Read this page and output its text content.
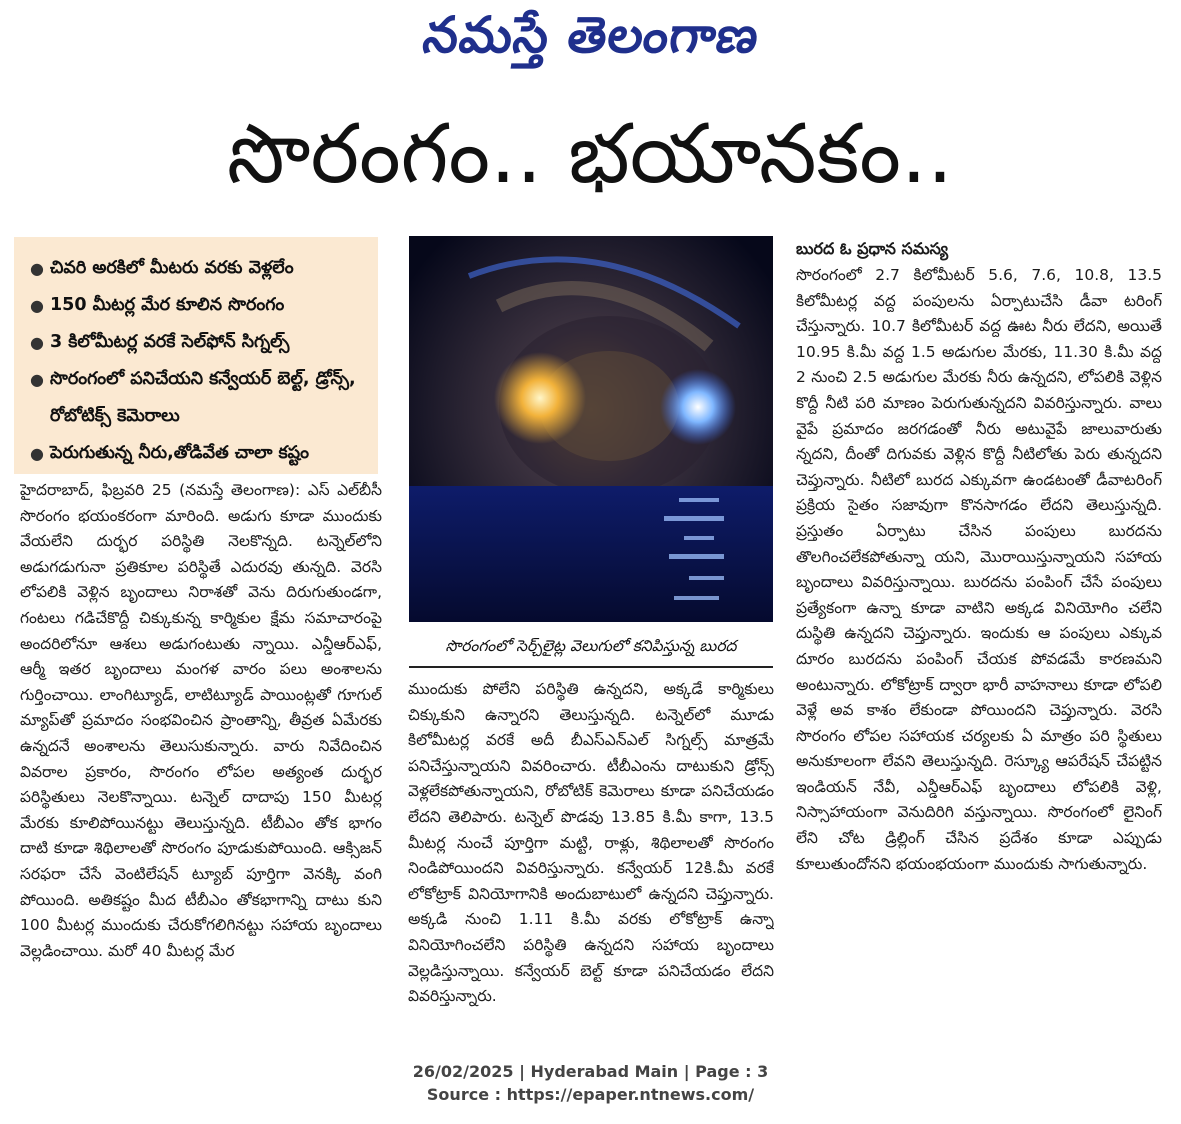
నమస్తే తెలంగాణ
సొరంగం.. భయానకం..
● చివరి అరకిలో మీటరు వరకు వెళ్లలేం
● 150 మీటర్ల మేర కూలిన సొరంగం
● 3 కిలోమీటర్ల వరకే సెల్‌ఫోన్ సిగ్నల్స్
● సొరంగంలో పనిచేయని కన్వేయర్ బెల్ట్, డ్రోన్స్, రోబోటిక్స్ కెమెరాలు
● పెరుగుతున్న నీరు,తోడివేత చాలా కష్టం

హైదరాబాద్, ఫిబ్రవరి 25 (నమస్తే తెలంగాణ): ఎస్ ఎల్‌బీసీ సొరంగం భయంకరంగా మారింది. అడుగు కూడా ముందుకు వేయలేని దుర్భర పరిస్థితి నెలకొన్నది. టన్నెల్‌లోని అడుగడుగునా ప్రతికూల పరిస్థితే ఎదురవు తున్నది. వెరసి లోపలికి వెళ్లిన బృందాలు నిరాశతో వెను దిరుగుతుండగా, గంటలు గడిచేకొద్దీ చిక్కుకున్న కార్మికుల క్షేమ సమాచారంపై అందరిలోనూ ఆశలు అడుగంటుతు న్నాయి. ఎన్డీఆర్ఎఫ్, ఆర్మీ ఇతర బృందాలు మంగళ వారం పలు అంశాలను గుర్తించాయి. లాంగిట్యూడ్, లాటిట్యూడ్ పాయింట్లతో గూగుల్ మ్యాప్‌తో ప్రమాదం సంభవించిన ప్రాంతాన్ని, తీవ్రత ఏమేరకు ఉన్నదనే అంశాలను తెలుసుకున్నారు. వారు నివేదించిన వివరాల ప్రకారం, సొరంగం లోపల అత్యంత దుర్భర పరిస్థితులు నెలకొన్నాయి. టన్నెల్ దాదాపు 150 మీటర్ల మేరకు కూలిపోయినట్టు తెలుస్తున్నది. టీబీఎం తోక భాగం దాటి కూడా శిథిలాలతో సొరంగం పూడుకుపోయింది. ఆక్సిజన్ సరఫరా చేసే వెంటిలేషన్ ట్యూబ్ పూర్తిగా వెనక్కి వంగి పోయింది. అతికష్టం మీద టీబీఎం తోకభాగాన్ని దాటు కుని 100 మీటర్ల ముందుకు చేరుకోగలిగినట్టు సహాయ బృందాలు వెల్లడించాయి. మరో 40 మీటర్ల మేర

సొరంగంలో సెర్చ్‌లైట్ల వెలుగులో కనిపిస్తున్న బురద

ముందుకు పోలేని పరిస్థితి ఉన్నదని, అక్కడే కార్మికులు చిక్కుకుని ఉన్నారని తెలుస్తున్నది. టన్నెల్‌లో మూడు కిలోమీటర్ల వరకే అదీ బీఎస్ఎన్ఎల్ సిగ్నల్స్ మాత్రమే పనిచేస్తున్నాయని వివరించారు. టీబీఎంను దాటుకుని డ్రోన్స్ వెళ్లలేకపోతున్నాయని, రోబోటిక్ కెమెరాలు కూడా పనిచేయడం లేదని తెలిపారు. టన్నెల్ పొడవు 13.85 కి.మీ కాగా, 13.5 మీటర్ల నుంచే పూర్తిగా మట్టి, రాళ్లు, శిథిలాలతో సొరంగం నిండిపోయిందని వివరిస్తున్నారు. కన్వేయర్ 12కి.మీ వరకే లోకోట్రాక్ వినియోగానికి అందుబాటులో ఉన్నదని చెప్తున్నారు. అక్కడి నుంచి 1.11 కి.మీ వరకు లోకోట్రాక్ ఉన్నా వినియోగించలేని పరిస్థితి ఉన్నదని సహాయ బృందాలు వెల్లడిస్తున్నాయి. కన్వేయర్ బెల్ట్ కూడా పనిచేయడం లేదని వివరిస్తున్నారు.

బురద ఓ ప్రధాన సమస్య

సొరంగంలో 2.7 కిలోమీటర్ 5.6, 7.6, 10.8, 13.5 కిలోమీటర్ల వద్ద పంపులను ఏర్పాటుచేసి డీవా టరింగ్ చేస్తున్నారు. 10.7 కిలోమీటర్ వద్ద ఊట నీరు లేదని, అయితే 10.95 కి.మీ వద్ద 1.5 అడుగుల మేరకు, 11.30 కి.మీ వద్ద 2 నుంచి 2.5 అడుగుల మేరకు నీరు ఉన్నదని, లోపలికి వెళ్లిన కొద్దీ నీటి పరి మాణం పెరుగుతున్నదని వివరిస్తున్నారు. వాలు వైపే ప్రమాదం జరగడంతో నీరు అటువైపే జాలువారుతు న్నదని, దీంతో దిగువకు వెళ్లిన కొద్దీ నీటిలోతు పెరు తున్నదని చెప్తున్నారు. నీటిలో బురద ఎక్కువగా ఉండటంతో డీవాటరింగ్ ప్రక్రియ సైతం సజావుగా కొనసాగడం లేదని తెలుస్తున్నది. ప్రస్తుతం ఏర్పాటు చేసిన పంపులు బురదను తొలగించలేకపోతున్నా యని, మొరాయిస్తున్నాయని సహాయ బృందాలు వివరిస్తున్నాయి. బురదను పంపింగ్ చేసే పంపులు ప్రత్యేకంగా ఉన్నా కూడా వాటిని అక్కడ వినియోగిం చలేని దుస్థితి ఉన్నదని చెప్తున్నారు. ఇందుకు ఆ పంపులు ఎక్కువ దూరం బురదను పంపింగ్ చేయక పోవడమే కారణమని అంటున్నారు. లోకోట్రాక్ ద్వారా భారీ వాహనాలు కూడా లోపలి వెళ్లే అవ కాశం లేకుండా పోయిందని చెప్తున్నారు. వెరసి సొరంగం లోపల సహాయక చర్యలకు ఏ మాత్రం పరి స్థితులు అనుకూలంగా లేవని తెలుస్తున్నది. రెస్క్యూ ఆపరేషన్ చేపట్టిన ఇండియన్ నేవీ, ఎన్డీఆర్ఎఫ్ బృందాలు లోపలికి వెళ్లి, నిస్సాహాయంగా వెనుదిరిగి వస్తున్నాయి. సొరంగంలో లైనింగ్ లేని చోట డ్రిల్లింగ్ చేసిన ప్రదేశం కూడా ఎప్పుడు కూలుతుందోనని భయంభయంగా ముందుకు సాగుతున్నారు.

26/02/2025 | Hyderabad Main | Page : 3
Source : https://epaper.ntnews.com/
